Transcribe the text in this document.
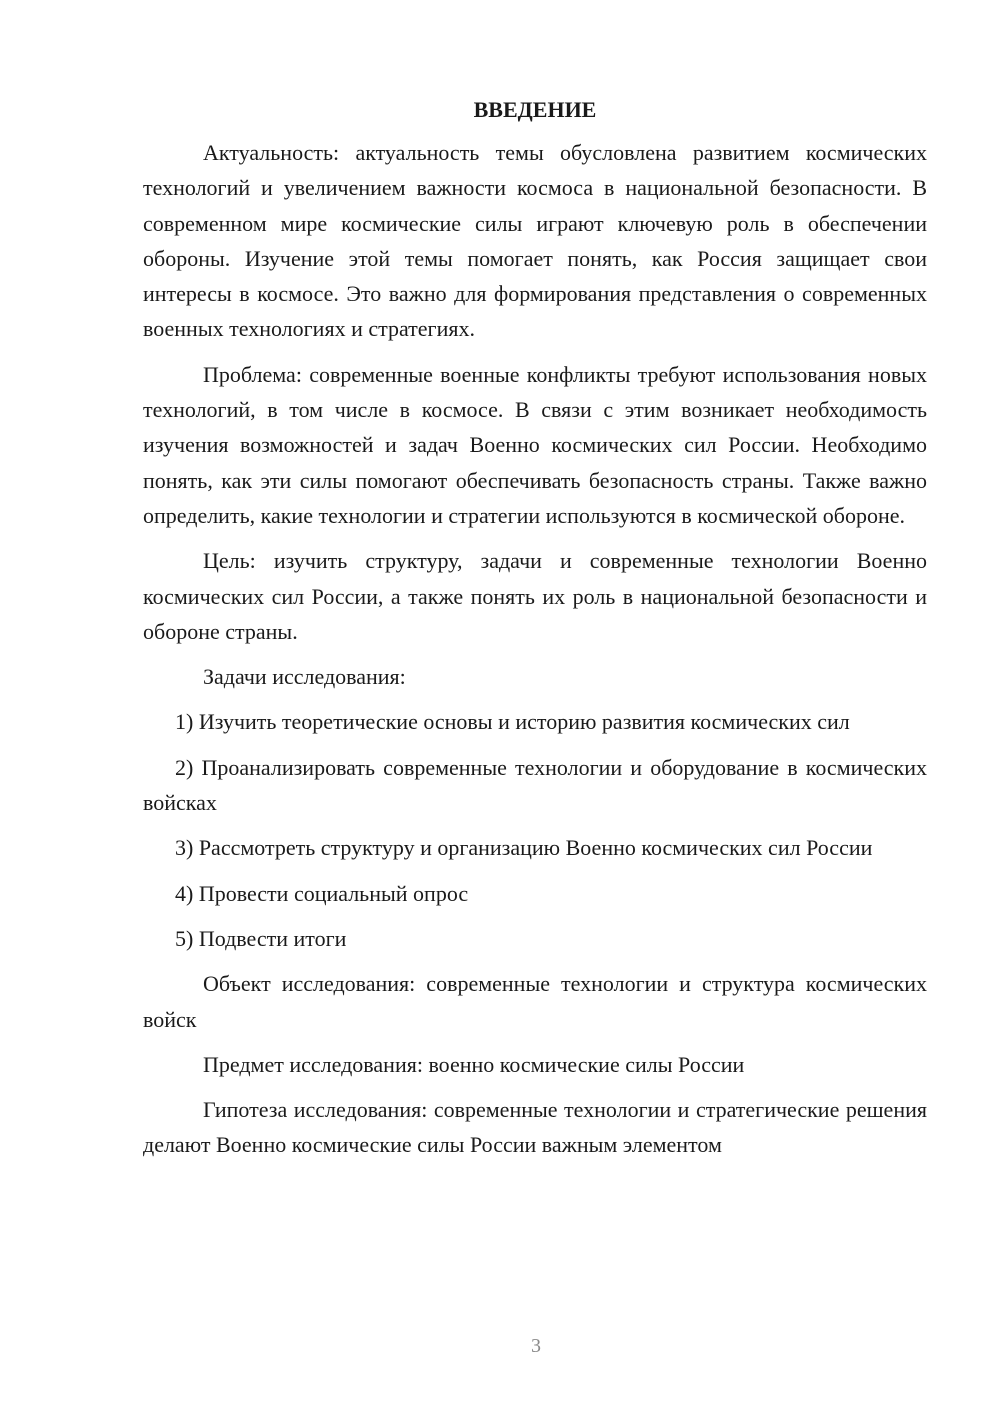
ВВЕДЕНИЕ
Актуальность: актуальность темы обусловлена развитием космических технологий и увеличением важности космоса в национальной безопасности. В современном мире космические силы играют ключевую роль в обеспечении обороны. Изучение этой темы помогает понять, как Россия защищает свои интересы в космосе. Это важно для формирования представления о современных военных технологиях и стратегиях.
Проблема: современные военные конфликты требуют использования новых технологий, в том числе в космосе. В связи с этим возникает необходимость изучения возможностей и задач Военно космических сил России. Необходимо понять, как эти силы помогают обеспечивать безопасность страны. Также важно определить, какие технологии и стратегии используются в космической обороне.
Цель: изучить структуру, задачи и современные технологии Военно космических сил России, а также понять их роль в национальной безопасности и обороне страны.
Задачи исследования:
1) Изучить теоретические основы и историю развития космических сил
2) Проанализировать современные технологии и оборудование в космических войсках
3) Рассмотреть структуру и организацию Военно космических сил России
4) Провести социальный опрос
5) Подвести итоги
Объект исследования: современные технологии и структура космических войск
Предмет исследования: военно космические силы России
Гипотеза исследования: современные технологии и стратегические решения делают Военно космические силы России важным элементом
3
